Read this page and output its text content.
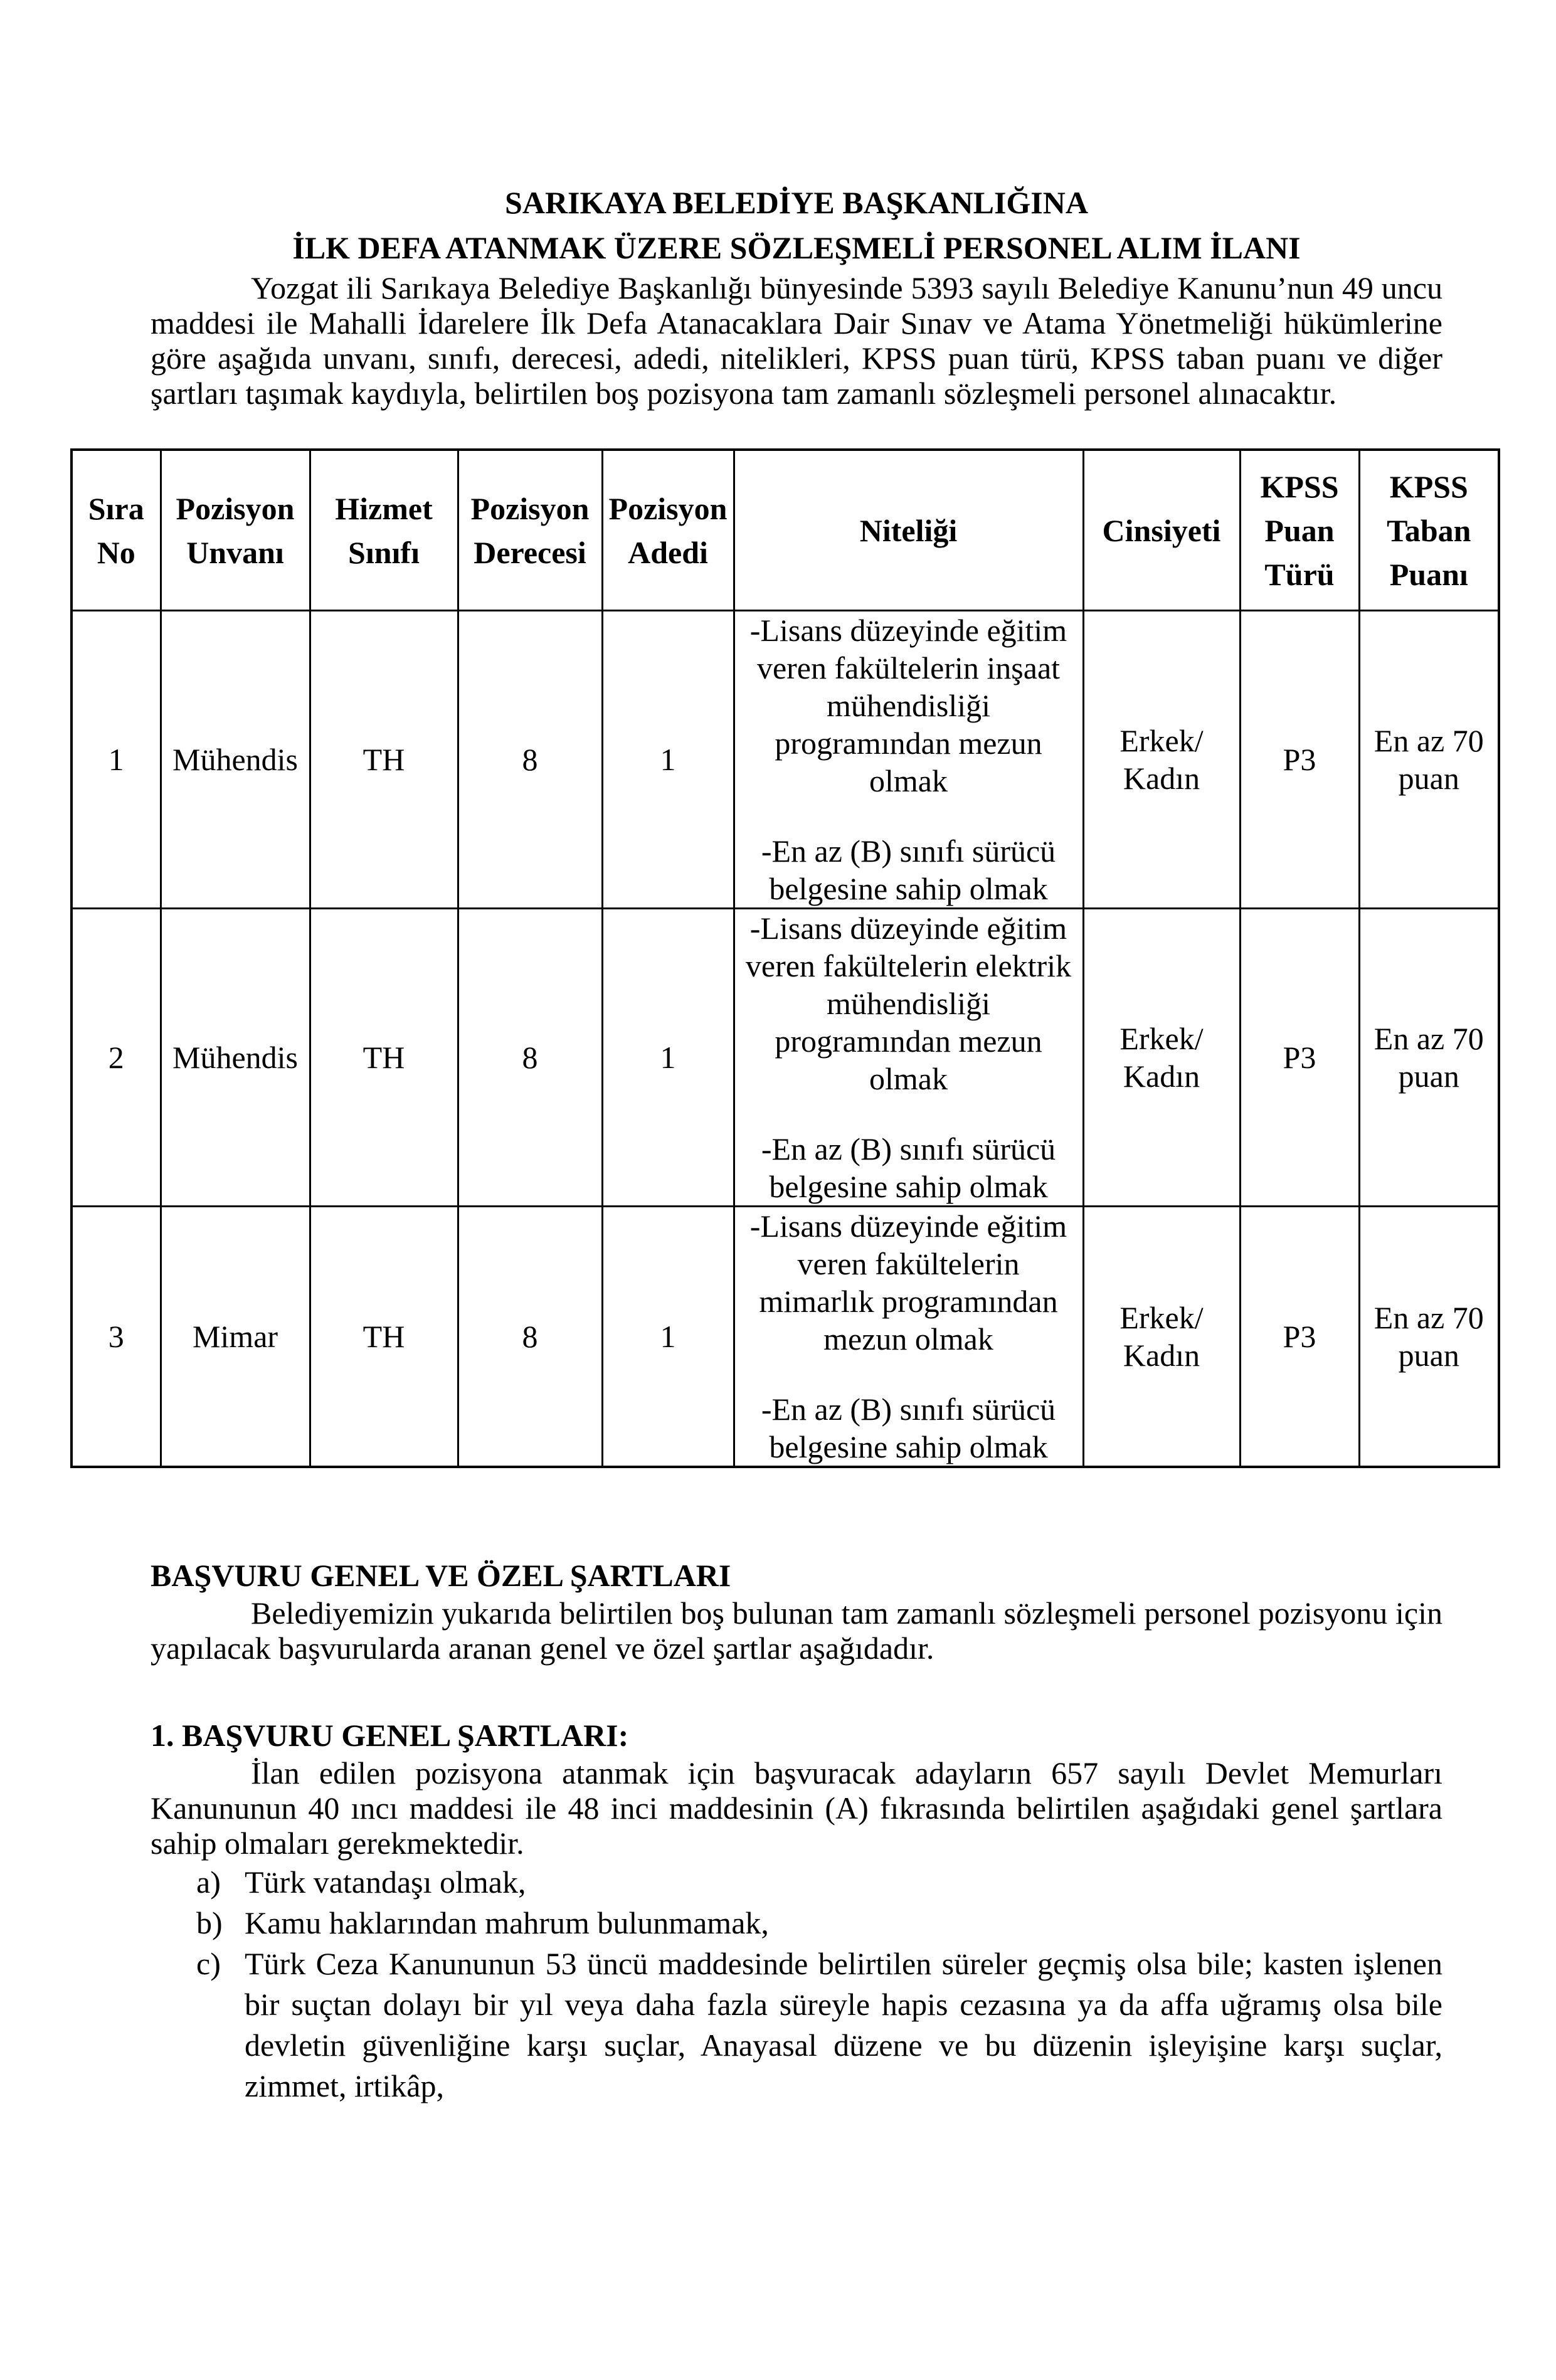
SARIKAYA BELEDİYE BAŞKANLIĞINA
İLK DEFA ATANMAK ÜZERE SÖZLEŞMELİ PERSONEL ALIM İLANI

Yozgat ili Sarıkaya Belediye Başkanlığı bünyesinde 5393 sayılı Belediye Kanunu’nun 49 uncu maddesi ile Mahalli İdarelere İlk Defa Atanacaklara Dair Sınav ve Atama Yönetmeliği hükümlerine göre aşağıda unvanı, sınıfı, derecesi, adedi, nitelikleri, KPSS puan türü, KPSS taban puanı ve diğer şartları taşımak kaydıyla, belirtilen boş pozisyona tam zamanlı sözleşmeli personel alınacaktır.

Sıra No	Pozisyon Unvanı	Hizmet Sınıfı	Pozisyon Derecesi	Pozisyon Adedi	Niteliği	Cinsiyeti	KPSS Puan Türü	KPSS Taban Puanı
1	Mühendis	TH	8	1	-Lisans düzeyinde eğitim veren fakültelerin inşaat mühendisliği programından mezun olmak

-En az (B) sınıfı sürücü belgesine sahip olmak	Erkek/ Kadın	P3	En az 70 puan
2	Mühendis	TH	8	1	-Lisans düzeyinde eğitim veren fakültelerin elektrik mühendisliği programından mezun olmak

-En az (B) sınıfı sürücü belgesine sahip olmak	Erkek/ Kadın	P3	En az 70 puan
3	Mimar	TH	8	1	-Lisans düzeyinde eğitim veren fakültelerin mimarlık programından mezun olmak

-En az (B) sınıfı sürücü belgesine sahip olmak	Erkek/ Kadın	P3	En az 70 puan
BAŞVURU GENEL VE ÖZEL ŞARTLARI

Belediyemizin yukarıda belirtilen boş bulunan tam zamanlı sözleşmeli personel pozisyonu için yapılacak başvurularda aranan genel ve özel şartlar aşağıdadır.

1. BAŞVURU GENEL ŞARTLARI:

İlan edilen pozisyona atanmak için başvuracak adayların 657 sayılı Devlet Memurları Kanununun 40 ıncı maddesi ile 48 inci maddesinin (A) fıkrasında belirtilen aşağıdaki genel şartlara sahip olmaları gerekmektedir.

a) Türk vatandaşı olmak,
b) Kamu haklarından mahrum bulunmamak,
c) Türk Ceza Kanununun 53 üncü maddesinde belirtilen süreler geçmiş olsa bile; kasten işlenen bir suçtan dolayı bir yıl veya daha fazla süreyle hapis cezasına ya da affa uğramış olsa bile devletin güvenliğine karşı suçlar, Anayasal düzene ve bu düzenin işleyişine karşı suçlar, zimmet, irtikâp,
